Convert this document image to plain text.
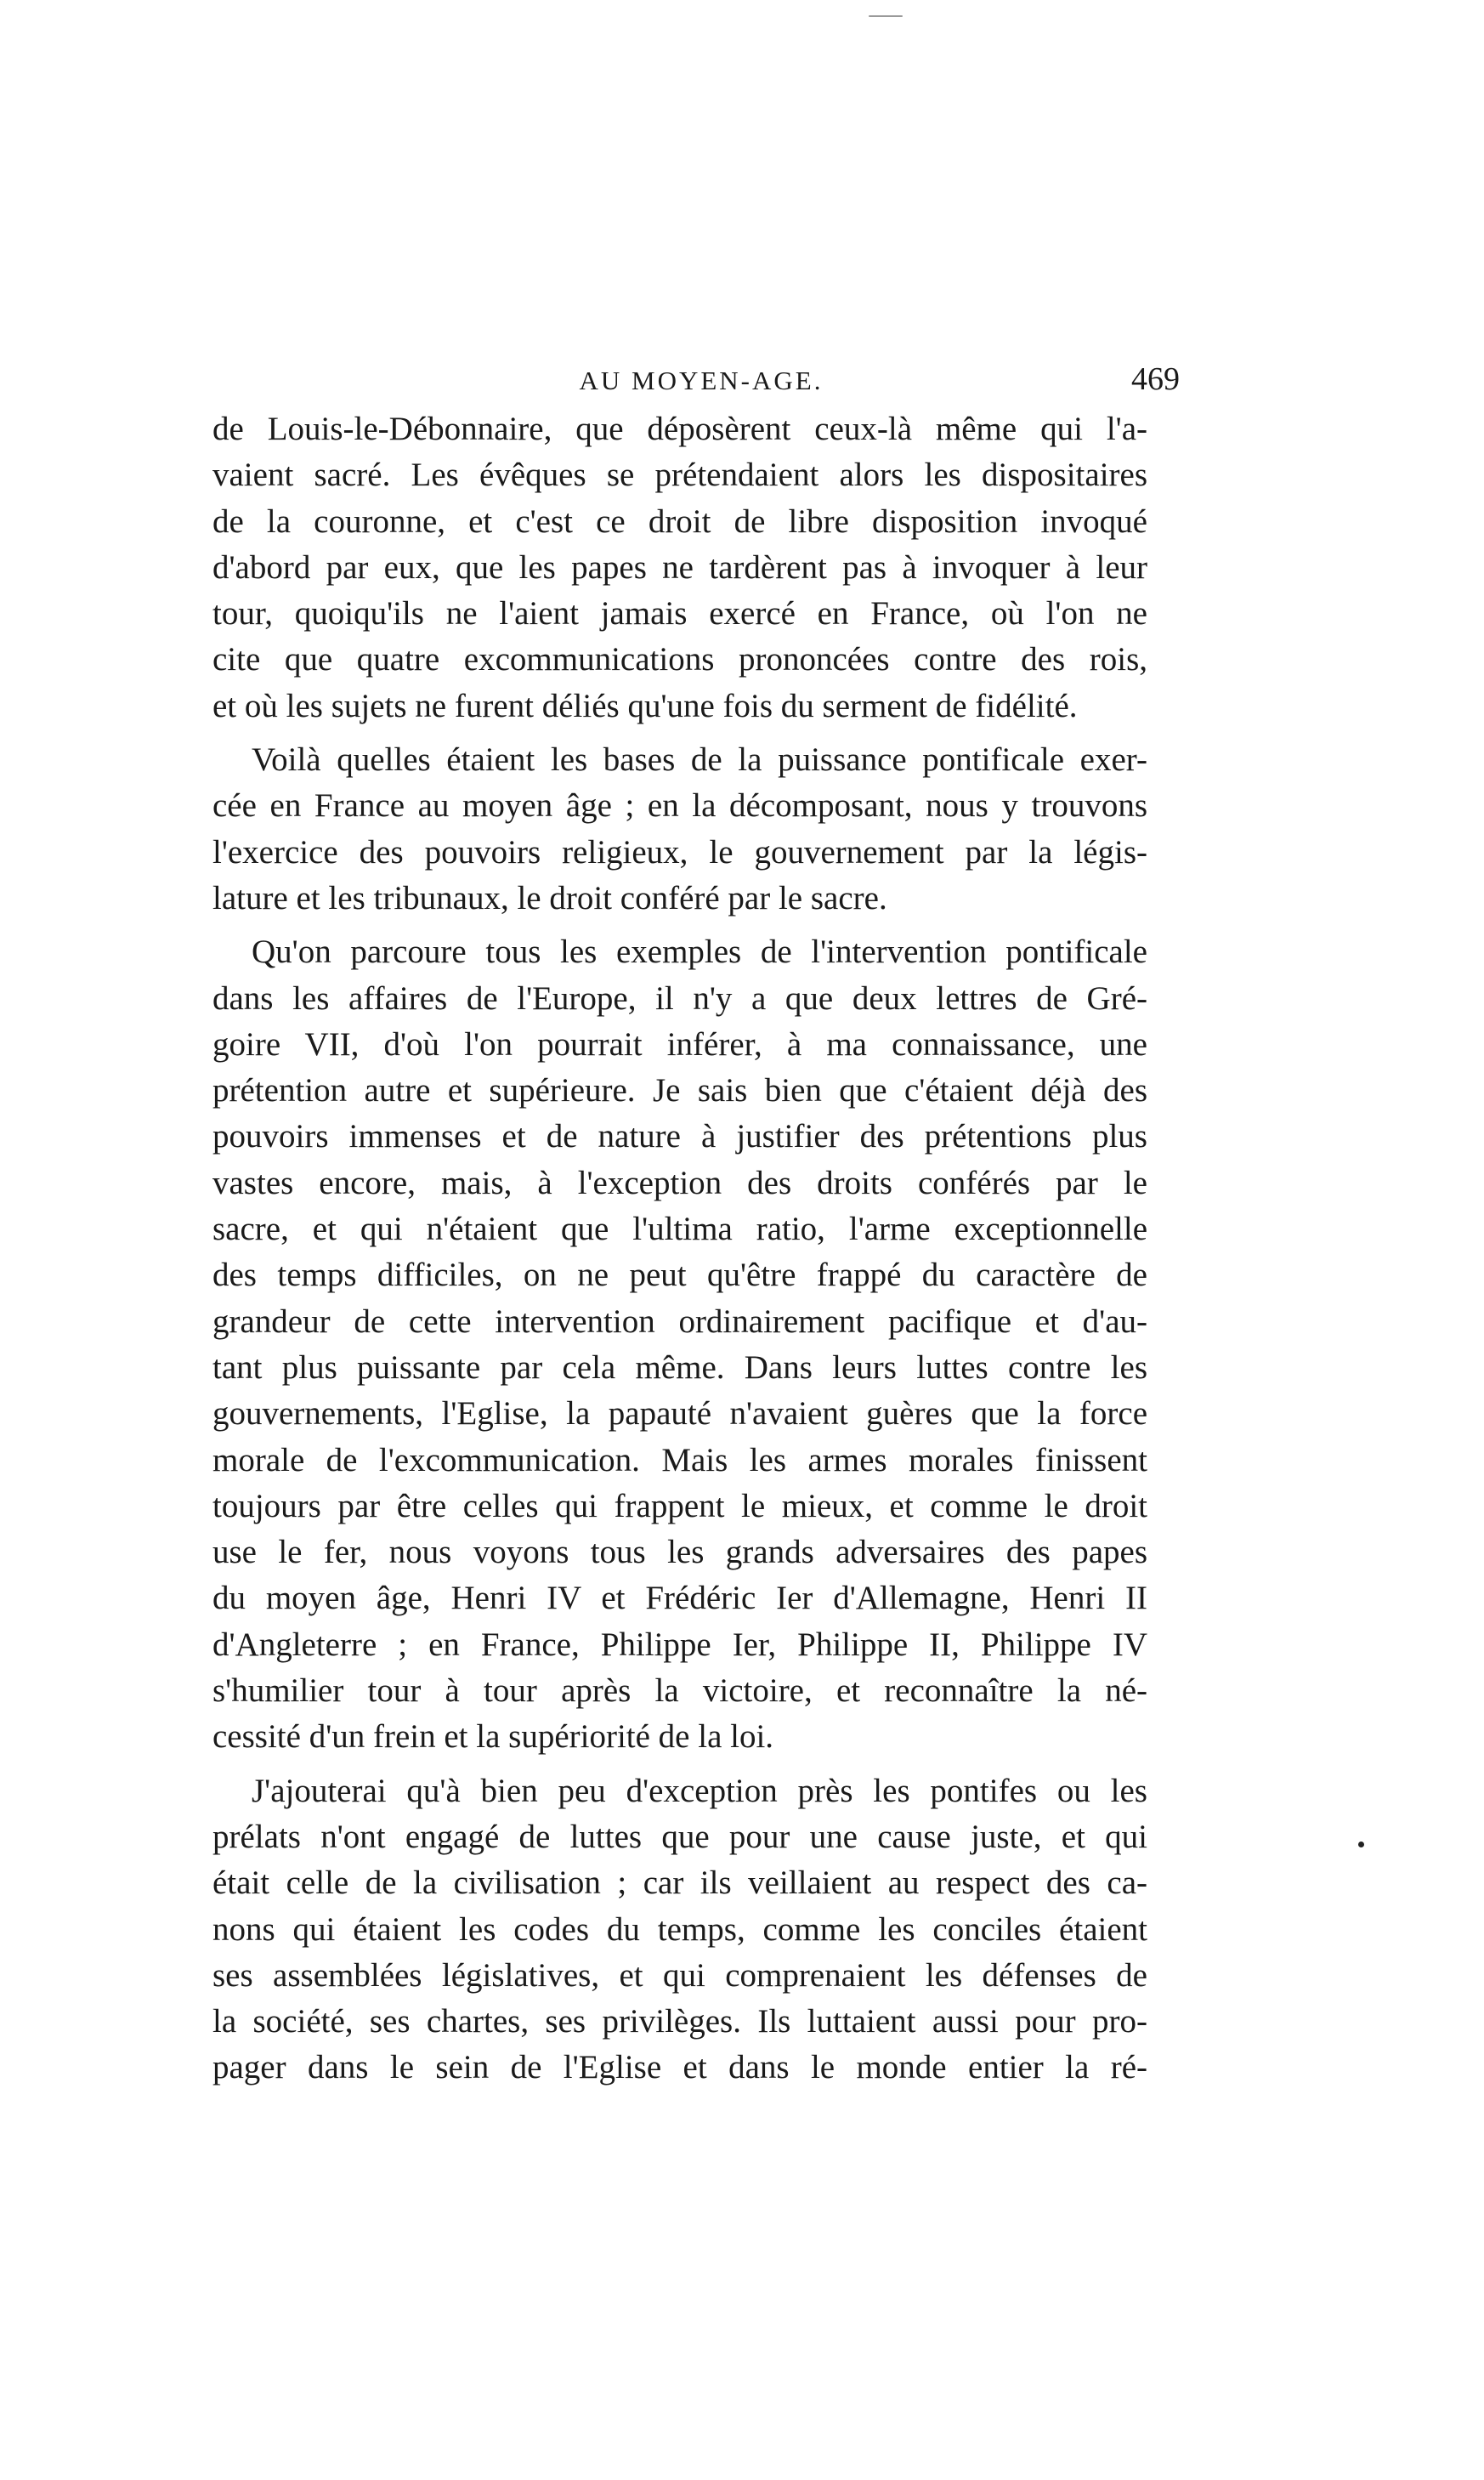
AU MOYEN-AGE.	469
de Louis-le-Débonnaire, que déposèrent ceux-là même qui l'a-
vaient sacré. Les évêques se prétendaient alors les dispositaires
de la couronne, et c'est ce droit de libre disposition invoqué
d'abord par eux, que les papes ne tardèrent pas à invoquer à leur
tour, quoiqu'ils ne l'aient jamais exercé en France, où l'on ne
cite que quatre excommunications prononcées contre des rois,
et où les sujets ne furent déliés qu'une fois du serment de fidélité.
Voilà quelles étaient les bases de la puissance pontificale exer-
cée en France au moyen âge ; en la décomposant, nous y trouvons
l'exercice des pouvoirs religieux, le gouvernement par la légis-
lature et les tribunaux, le droit conféré par le sacre.
Qu'on parcoure tous les exemples de l'intervention pontificale
dans les affaires de l'Europe, il n'y a que deux lettres de Gré-
goire VII, d'où l'on pourrait inférer, à ma connaissance, une
prétention autre et supérieure. Je sais bien que c'étaient déjà des
pouvoirs immenses et de nature à justifier des prétentions plus
vastes encore, mais, à l'exception des droits conférés par le
sacre, et qui n'étaient que l'ultima ratio, l'arme exceptionnelle
des temps difficiles, on ne peut qu'être frappé du caractère de
grandeur de cette intervention ordinairement pacifique et d'au-
tant plus puissante par cela même. Dans leurs luttes contre les
gouvernements, l'Eglise, la papauté n'avaient guères que la force
morale de l'excommunication. Mais les armes morales finissent
toujours par être celles qui frappent le mieux, et comme le droit
use le fer, nous voyons tous les grands adversaires des papes
du moyen âge, Henri IV et Frédéric Ier d'Allemagne, Henri II
d'Angleterre ; en France, Philippe Ier, Philippe II, Philippe IV
s'humilier tour à tour après la victoire, et reconnaître la né-
cessité d'un frein et la supériorité de la loi.
J'ajouterai qu'à bien peu d'exception près les pontifes ou les
prélats n'ont engagé de luttes que pour une cause juste, et qui
était celle de la civilisation ; car ils veillaient au respect des ca-
nons qui étaient les codes du temps, comme les conciles étaient
ses assemblées législatives, et qui comprenaient les défenses de
la société, ses chartes, ses privilèges. Ils luttaient aussi pour pro-
pager dans le sein de l'Eglise et dans le monde entier la ré-
